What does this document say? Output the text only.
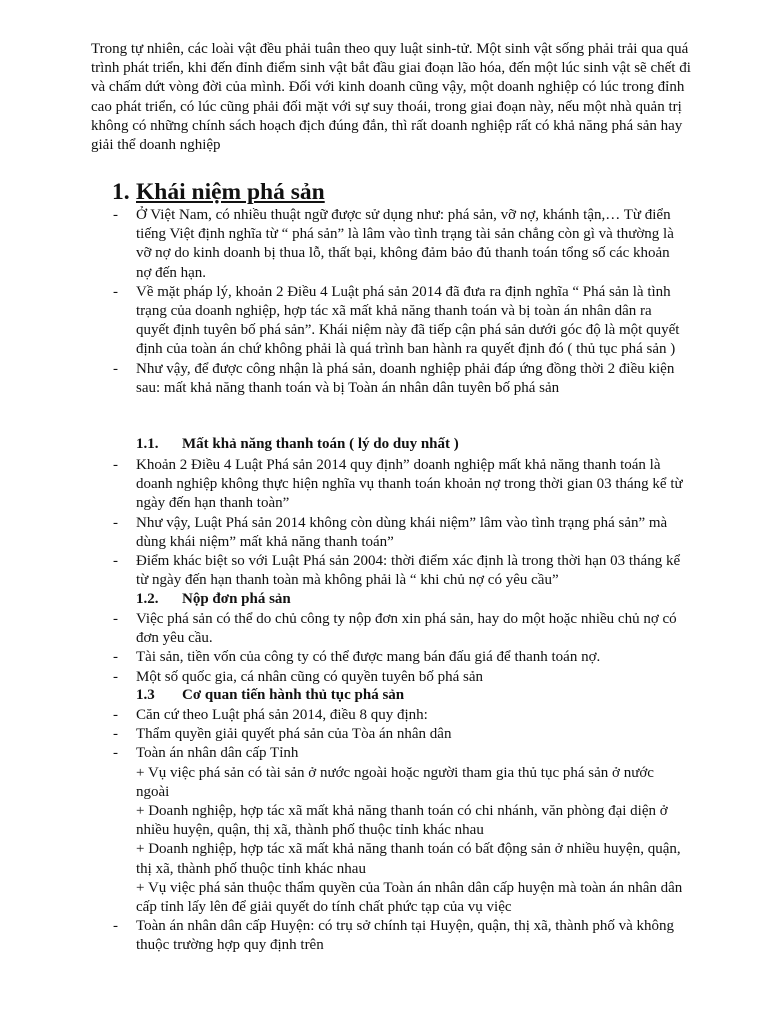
Trong tự nhiên, các loài vật đều phải tuân theo quy luật sinh-tử. Một sinh vật sống phải trải qua quá trình phát triển, khi đến đỉnh điểm sinh vật bắt đầu giai đoạn lão hóa, đến một lúc sinh vật sẽ chết đi và chấm dứt vòng đời của mình. Đối với kinh doanh cũng vậy, một doanh nghiệp có lúc trong đỉnh cao phát triển, có lúc cũng phải đối mặt với sự suy thoái, trong giai đoạn này, nếu một nhà quản trị không có những chính sách hoạch địch đúng đắn, thì rất doanh nghiệp rất có khả năng phá sản hay giải thể doanh nghiệp

1. Khái niệm phá sản
- Ở Việt Nam, có nhiều thuật ngữ được sử dụng như: phá sản, vỡ nợ, khánh tận,… Từ điển tiếng Việt định nghĩa từ “ phá sản” là lâm vào tình trạng tài sản chẳng còn gì và thường là vỡ nợ do kinh doanh bị thua lỗ, thất bại, không đảm bảo đủ thanh toán tổng số các khoản nợ đến hạn.
- Về mặt pháp lý, khoản 2 Điều 4 Luật phá sản 2014 đã đưa ra định nghĩa “ Phá sản là tình trạng của doanh nghiệp, hợp tác xã mất khả năng thanh toán và bị toàn án nhân dân ra quyết định tuyên bố phá sản”. Khái niệm này đã tiếp cận phá sản dưới góc độ là một quyết định của toàn án chứ không phải là quá trình ban hành ra quyết định đó ( thủ tục phá sản )
- Như vậy, để được công nhận là phá sản, doanh nghiệp phải đáp ứng đồng thời 2 điều kiện sau: mất khả năng thanh toán và bị Toàn án nhân dân tuyên bố phá sản
1.1. Mất khả năng thanh toán ( lý do duy nhất )
- Khoản 2 Điều 4 Luật Phá sản 2014 quy định” doanh nghiệp mất khả năng thanh toán là doanh nghiệp không thực hiện nghĩa vụ thanh toán khoản nợ trong thời gian 03 tháng kể từ ngày đến hạn thanh toàn”
- Như vậy, Luật Phá sản 2014 không còn dùng khái niệm” lâm vào tình trạng phá sản” mà dùng khái niệm” mất khả năng thanh toán”
- Điểm khác biệt so với Luật Phá sản 2004: thời điểm xác định là trong thời hạn 03 tháng kể từ ngày đến hạn thanh toàn mà không phải là “ khi chủ nợ có yêu cầu”
1.2. Nộp đơn phá sản
- Việc phá sản có thể do chủ công ty nộp đơn xin phá sản, hay do một hoặc nhiều chủ nợ có đơn yêu cầu.
- Tài sản, tiền vốn của công ty có thể được mang bán đấu giá để thanh toán nợ.
- Một số quốc gia, cá nhân cũng có quyền tuyên bố phá sản
1.3 Cơ quan tiến hành thủ tục phá sản
- Căn cứ theo Luật phá sản 2014, điều 8 quy định:
- Thẩm quyền giải quyết phá sản của Tòa án nhân dân
- Toàn án nhân dân cấp Tỉnh
+ Vụ việc phá sản có tài sản ở nước ngoài hoặc người tham gia thủ tục phá sản ở nước ngoài
+ Doanh nghiệp, hợp tác xã mất khả năng thanh toán có chi nhánh, văn phòng đại diện ở nhiều huyện, quận, thị xã, thành phố thuộc tỉnh khác nhau
+ Doanh nghiệp, hợp tác xã mất khả năng thanh toán có bất động sản ở nhiều huyện, quận, thị xã, thành phố thuộc tỉnh khác nhau
+ Vụ việc phá sản thuộc thẩm quyền của Toàn án nhân dân cấp huyện mà toàn án nhân dân cấp tỉnh lấy lên để giải quyết do tính chất phức tạp của vụ việc
- Toàn án nhân dân cấp Huyện: có trụ sở chính tại Huyện, quận, thị xã, thành phố và không thuộc trường hợp quy định trên
